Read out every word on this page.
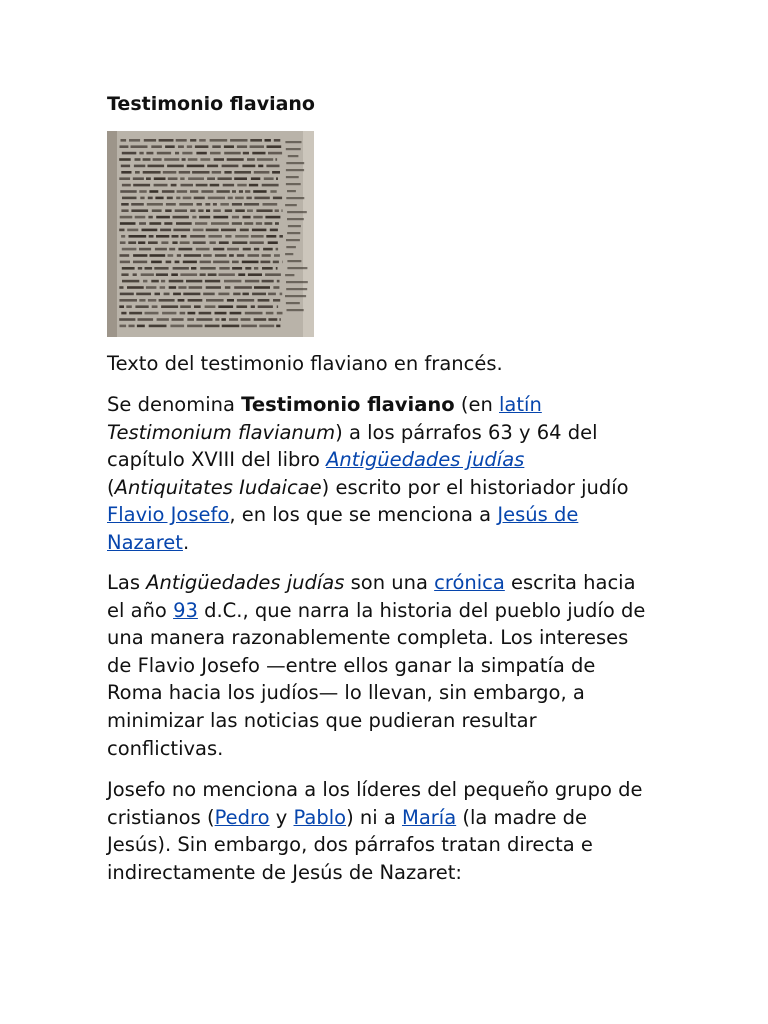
Testimonio flaviano

Texto del testimonio flaviano en francés.

Se denomina Testimonio flaviano (en latín
Testimonium flavianum) a los párrafos 63 y 64 del
capítulo XVIII del libro Antigüedades judías
(Antiquitates Iudaicae) escrito por el historiador judío
Flavio Josefo, en los que se menciona a Jesús de
Nazaret.

Las Antigüedades judías son una crónica escrita hacia
el año 93 d.C., que narra la historia del pueblo judío de
una manera razonablemente completa. Los intereses
de Flavio Josefo —entre ellos ganar la simpatía de
Roma hacia los judíos— lo llevan, sin embargo, a
minimizar las noticias que pudieran resultar
conflictivas.

Josefo no menciona a los líderes del pequeño grupo de
cristianos (Pedro y Pablo) ni a María (la madre de
Jesús). Sin embargo, dos párrafos tratan directa e
indirectamente de Jesús de Nazaret:
